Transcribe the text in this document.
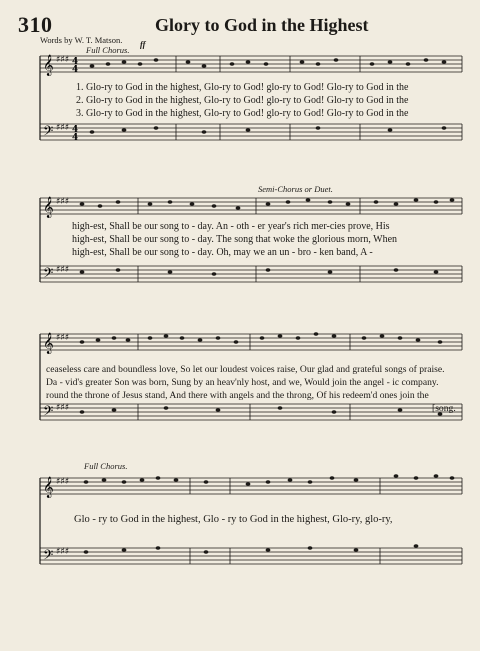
310	Glory to God in the Highest
Words by W. T. Matson.
Full Chorus.
ff
Semi-Chorus or Duet.
Full Chorus.
𝄞
𝄢
♯♯♯
♯♯♯
4
4
4
4
1. Glo-ry to God in the highest, Glo-ry to God! glo-ry to God! Glo-ry to God in the
2. Glo-ry to God in the highest, Glo-ry to God! glo-ry to God! Glo-ry to God in the
3. Glo-ry to God in the highest, Glo-ry to God! glo-ry to God! Glo-ry to God in the
𝄞
𝄢
♯♯♯
♯♯♯
high-est, Shall be our song to - day. An - oth - er year's rich mer-cies prove, His
high-est, Shall be our song to - day. The song that woke the glorious morn, When
high-est, Shall be our song to - day. Oh, may we an un - bro - ken band, A -
𝄞
𝄢
♯♯♯
♯♯♯
ceaseless care and boundless love, So let our loudest voices raise, Our glad and grateful songs of praise.
Da - vid's greater Son was born, Sung by an heav'nly host, and we, Would join the angel - ic company.
round the throne of Jesus stand, And there with angels and the throng, Of his redeem'd ones join the
[song.
𝄞
𝄢
♯♯♯
♯♯♯
Glo - ry to God in the highest, Glo - ry to God in the highest, Glo-ry, glo-ry,
